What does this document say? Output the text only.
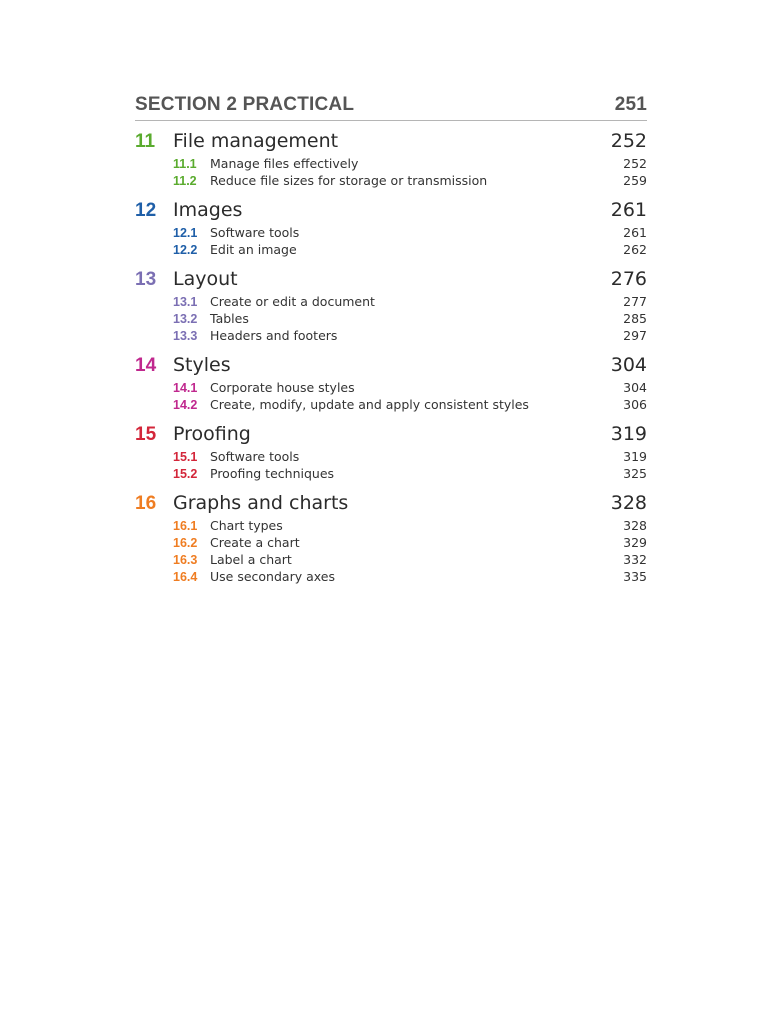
SECTION 2 PRACTICAL	251
11 File management	252
11.1	Manage files effectively	252
11.2	Reduce file sizes for storage or transmission	259
12 Images	261
12.1	Software tools	261
12.2	Edit an image	262
13 Layout	276
13.1	Create or edit a document	277
13.2	Tables	285
13.3	Headers and footers	297
14 Styles	304
14.1	Corporate house styles	304
14.2	Create, modify, update and apply consistent styles	306
15 Proofing	319
15.1	Software tools	319
15.2	Proofing techniques	325
16 Graphs and charts	328
16.1	Chart types	328
16.2	Create a chart	329
16.3	Label a chart	332
16.4	Use secondary axes	335
